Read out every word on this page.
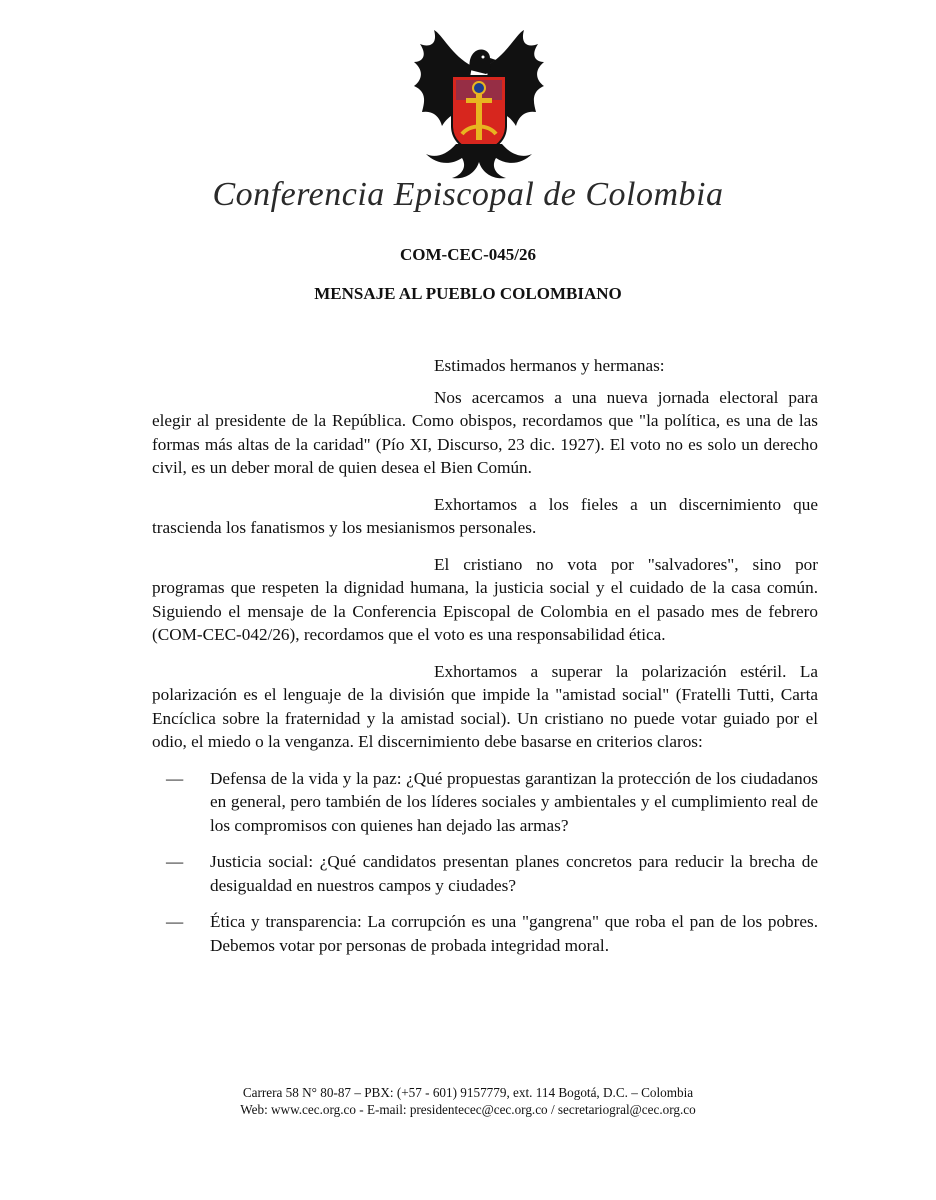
Conferencia Episcopal de Colombia
COM-CEC-045/26
MENSAJE AL PUEBLO COLOMBIANO

Estimados hermanos y hermanas:

Nos acercamos a una nueva jornada electoral para elegir al presidente de la República. Como obispos, recordamos que "la política, es una de las formas más altas de la caridad" (Pío XI, Discurso, 23 dic. 1927). El voto no es solo un derecho civil, es un deber moral de quien desea el Bien Común.

Exhortamos a los fieles a un discernimiento que trascienda los fanatismos y los mesianismos personales.

El cristiano no vota por "salvadores", sino por programas que respeten la dignidad humana, la justicia social y el cuidado de la casa común. Siguiendo el mensaje de la Conferencia Episcopal de Colombia en el pasado mes de febrero (COM-CEC-042/26), recordamos que el voto es una responsabilidad ética.

Exhortamos a superar la polarización estéril. La polarización es el lenguaje de la división que impide la "amistad social" (Fratelli Tutti, Carta Encíclica sobre la fraternidad y la amistad social). Un cristiano no puede votar guiado por el odio, el miedo o la venganza. El discernimiento debe basarse en criterios claros:

— Defensa de la vida y la paz: ¿Qué propuestas garantizan la protección de los ciudadanos en general, pero también de los líderes sociales y ambientales y el cumplimiento real de los compromisos con quienes han dejado las armas?
— Justicia social: ¿Qué candidatos presentan planes concretos para reducir la brecha de desigualdad en nuestros campos y ciudades?
— Ética y transparencia: La corrupción es una "gangrena" que roba el pan de los pobres. Debemos votar por personas de probada integridad moral.
Carrera 58 N° 80-87 – PBX: (+57 - 601) 9157779, ext. 114 Bogotá, D.C. – Colombia
Web: www.cec.org.co - E-mail: presidentecec@cec.org.co / secretariogral@cec.org.co
